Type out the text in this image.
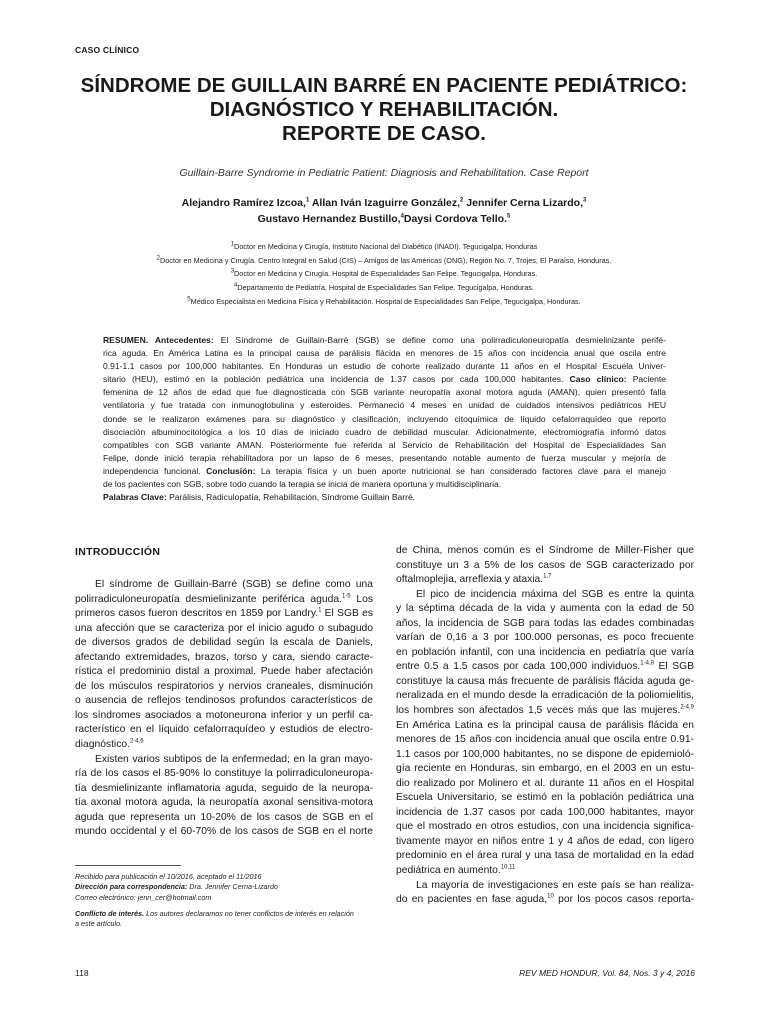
CASO CLÍNICO
SÍNDROME DE GUILLAIN BARRÉ EN PACIENTE PEDIÁTRICO:
DIAGNÓSTICO Y REHABILITACIÓN.
REPORTE DE CASO.
Guillain-Barre Syndrome in Pediatric Patient: Diagnosis and Rehabilitation. Case Report
Alejandro Ramírez Izcoa,$^1$ Allan Iván Izaguirre González,$^2$ Jennifer Cerna Lizardo,$^3$
Gustavo Hernandez Bustillo,$^4$Daysi Cordova Tello.$^5$
$^1$Doctor en Medicina y Cirugía, Instituto Nacional del Diabético (INADI). Tegucigalpa, Honduras
$^2$Doctor en Medicina y Cirugía. Centro Integral en Salud (CIS) – Amigos de las Américas (ONG), Región No. 7, Trojes, El Paraíso, Honduras.
$^3$Doctor en Medicina y Cirugía. Hospital de Especialidades San Felipe. Tegucigalpa, Honduras.
$^4$Departamento de Pediatría, Hospital de Especialidades San Felipe. Tegucigalpa, Honduras.
$^5$Médico Especialista en Medicina Física y Rehabilitación. Hospital de Especialidades San Felipe, Tegucigalpa, Honduras.
RESUMEN. Antecedentes: El Síndrome de Guillain-Barré (SGB) se define como una polirradiculoneuropatía desmielinizante perifé-
rica aguda. En América Latina es la principal causa de parálisis flácida en menores de 15 años con incidencia anual que oscila entre
0.91-1.1 casos por 100,000 habitantes. En Honduras un estudio de cohorte realizado durante 11 años en el Hospital Escuela Univer-
sitario (HEU), estimó en la población pediátrica una incidencia de 1.37 casos por cada 100,000 habitantes. Caso clínico: Paciente
femenina de 12 años de edad que fue diagnosticada con SGB variante neuropatía axonal motora aguda (AMAN), quien presentó falla
ventilatoria y fue tratada con inmunoglobulina y esteroides. Permaneció 4 meses en unidad de cuidados intensivos pediátricos HEU
donde se le realizaron exámenes para su diagnóstico y clasificación, incluyendo citoquímica de líquido cefalorraquídeo que reporto
disociación albuminocitológica a los 10 días de iniciado cuadro de debilidad muscular. Adicionalmente, electromiografía informó datos
compatibles con SGB variante AMAN. Posteriormente fue referida al Servicio de Rehabilitación del Hospital de Especialidades San
Felipe, donde inició terapia rehabilitadora por un lapso de 6 meses, presentando notable aumento de fuerza muscular y mejoría de
independencia funcional. Conclusión: La terapia física y un buen aporte nutricional se han considerado factores clave para el manejo
de los pacientes con SGB, sobre todo cuando la terapia se inicia de manera oportuna y multidisciplinaria.
Palabras Clave: Parálisis, Radiculopatía, Rehabilitación, Síndrome Guillain Barré.
INTRODUCCIÓN
El síndrome de Guillain-Barré (SGB) se define como una
polirradiculoneuropatía desmielinizante periférica aguda.$^{1-5}$ Los
primeros casos fueron descritos en 1859 por Landry.$^1$ El SGB es
una afección que se caracteriza por el inicio agudo o subagudo
de diversos grados de debilidad según la escala de Daniels,
afectando extremidades, brazos, torso y cara, siendo caracte-
rística el predominio distal a proximal. Puede haber afectación
de los músculos respiratorios y nervios craneales, disminución
o ausencia de reflejos tendinosos profundos característicos de
los síndromes asociados a motoneurona inferior y un perfil ca-
racterístico en el líquido cefalorraquídeo y estudios de electro-
diagnóstico.$^{2-4,6}$
Existen varios subtipos de la enfermedad; en la gran mayo-
ría de los casos el 85-90% lo constituye la polirradiculoneuropa-
tía desmielinizante inflamatoria aguda, seguido de la neuropa-
tía axonal motora aguda, la neuropatía axonal sensitiva-motora
aguda que representa un 10-20% de los casos de SGB en el
mundo occidental y el 60-70% de los casos de SGB en el norte
de China, menos común es el Síndrome de Miller-Fisher que
constituye un 3 a 5% de los casos de SGB caracterizado por
oftalmoplejia, arreflexia y ataxia.$^{1,7}$
El pico de incidencia máxima del SGB es entre la quinta
y la séptima década de la vida y aumenta con la edad de 50
años, la incidencia de SGB para todas las edades combinadas
varían de 0,16 a 3 por 100.000 personas, es poco frecuente
en población infantil, con una incidencia en pediatría que varía
entre 0.5 a 1.5 casos por cada 100,000 individuos.$^{1-4,8}$ El SGB
constituye la causa más frecuente de parálisis flácida aguda ge-
neralizada en el mundo desde la erradicación de la poliomielitis,
los hombres son afectados 1,5 veces más que las mujeres.$^{2-4,9}$
En América Latina es la principal causa de parálisis flácida en
menores de 15 años con incidencia anual que oscila entre 0.91-
1.1 casos por 100,000 habitantes, no se dispone de epidemioló-
gía reciente en Honduras, sin embargo, en el 2003 en un estu-
dio realizado por Molinero et al. durante 11 años en el Hospital
Escuela Universitario, se estimó en la población pediátrica una
incidencia de 1.37 casos por cada 100,000 habitantes, mayor
que el mostrado en otros estudios, con una incidencia significa-
tivamente mayor en niños entre 1 y 4 años de edad, con ligero
predominio en el área rural y una tasa de mortalidad en la edad
pediátrica en aumento.$^{10,11}$
La mayoría de investigaciones en este país se han realiza-
do en pacientes en fase aguda,$^{10}$ por los pocos casos reporta-
Recibido para publicación el 10/2016, aceptado el 11/2016
Dirección para correspondencia: Dra. Jennifer Cerna-Lizardo
Correo electrónico: jenn_cer@hotmail.com
Conflicto de interés. Los autores declaramos no tener conflictos de interés en relación
a este artículo.
118	REV MED HONDUR, Vol. 84, Nos. 3 y 4, 2016
